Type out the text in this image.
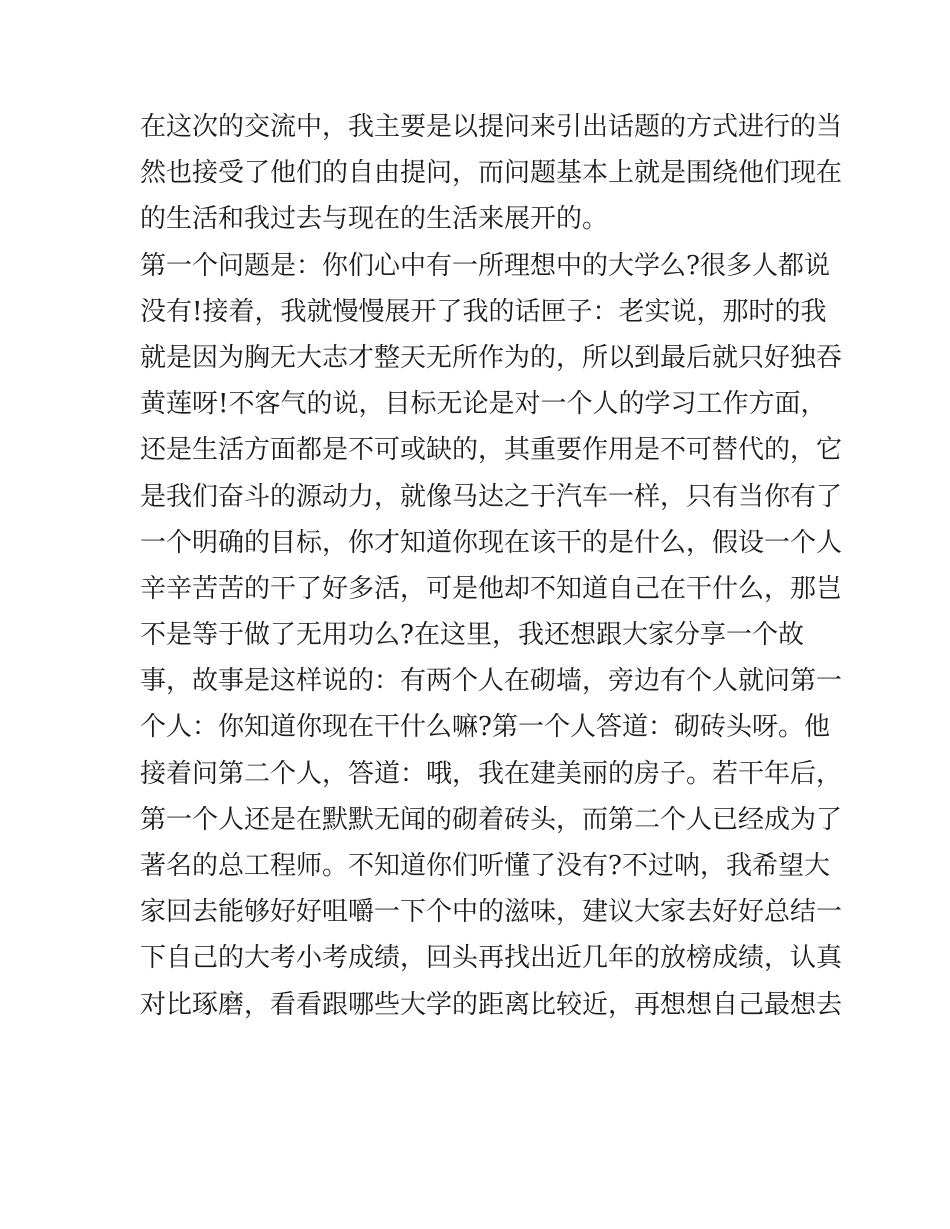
在这次的交流中，我主要是以提问来引出话题的方式进行的当
然也接受了他们的自由提问，而问题基本上就是围绕他们现在
的生活和我过去与现在的生活来展开的。
第一个问题是：你们心中有一所理想中的大学么?很多人都说
没有!接着，我就慢慢展开了我的话匣子：老实说，那时的我
就是因为胸无大志才整天无所作为的，所以到最后就只好独吞
黄莲呀!不客气的说，目标无论是对一个人的学习工作方面，
还是生活方面都是不可或缺的，其重要作用是不可替代的，它
是我们奋斗的源动力，就像马达之于汽车一样，只有当你有了
一个明确的目标，你才知道你现在该干的是什么，假设一个人
辛辛苦苦的干了好多活，可是他却不知道自己在干什么，那岂
不是等于做了无用功么?在这里，我还想跟大家分享一个故
事，故事是这样说的：有两个人在砌墙，旁边有个人就问第一
个人：你知道你现在干什么嘛?第一个人答道：砌砖头呀。他
接着问第二个人，答道：哦，我在建美丽的房子。若干年后，
第一个人还是在默默无闻的砌着砖头，而第二个人已经成为了
著名的总工程师。不知道你们听懂了没有?不过呐，我希望大
家回去能够好好咀嚼一下个中的滋味，建议大家去好好总结一
下自己的大考小考成绩，回头再找出近几年的放榜成绩，认真
对比琢磨，看看跟哪些大学的距离比较近，再想想自己最想去
